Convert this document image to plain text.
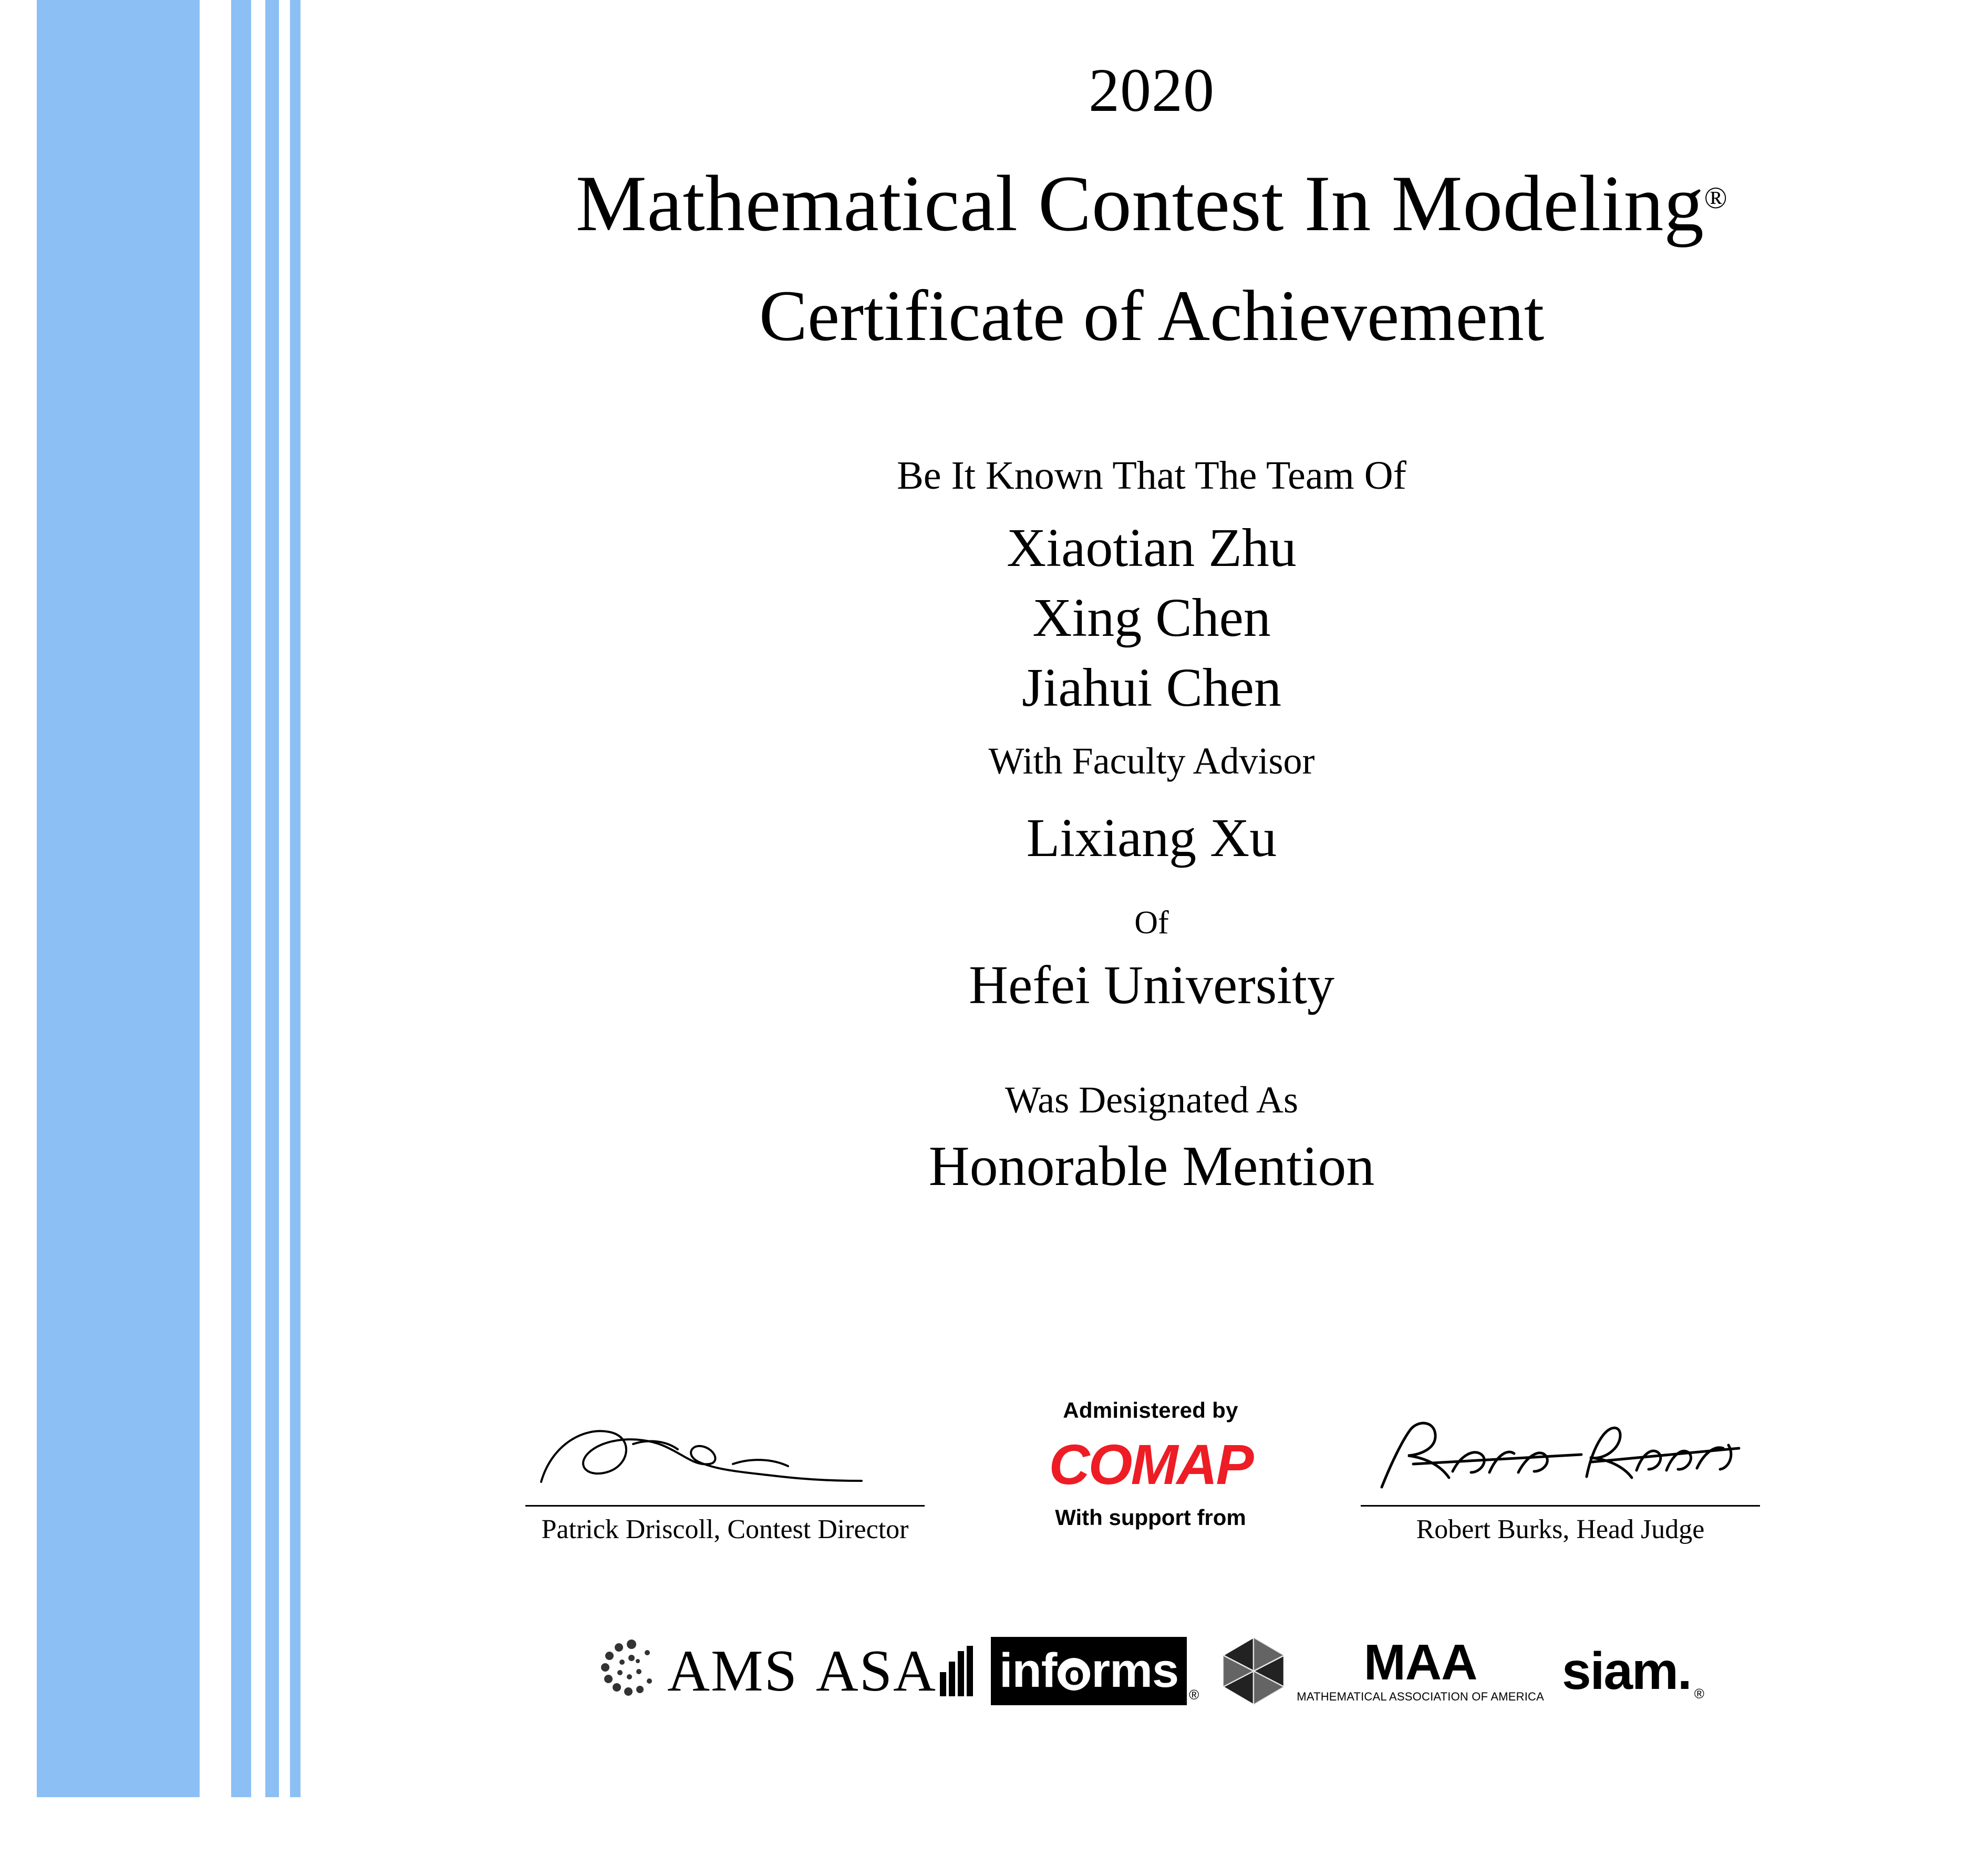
2020
Mathematical Contest In Modeling®
Certificate of Achievement
Be It Known That The Team Of
Xiaotian Zhu
Xing Chen
Jiahui Chen
With Faculty Advisor
Lixiang Xu
Of
Hefei University
Was Designated As
Honorable Mention
Patrick Driscoll, Contest Director
Administered by
COMAP
With support from	Robert Burks, Head Judge
AMS ASA inf o rms ®
MAA
MATHEMATICAL ASSOCIATION OF AMERICA siam. ®
